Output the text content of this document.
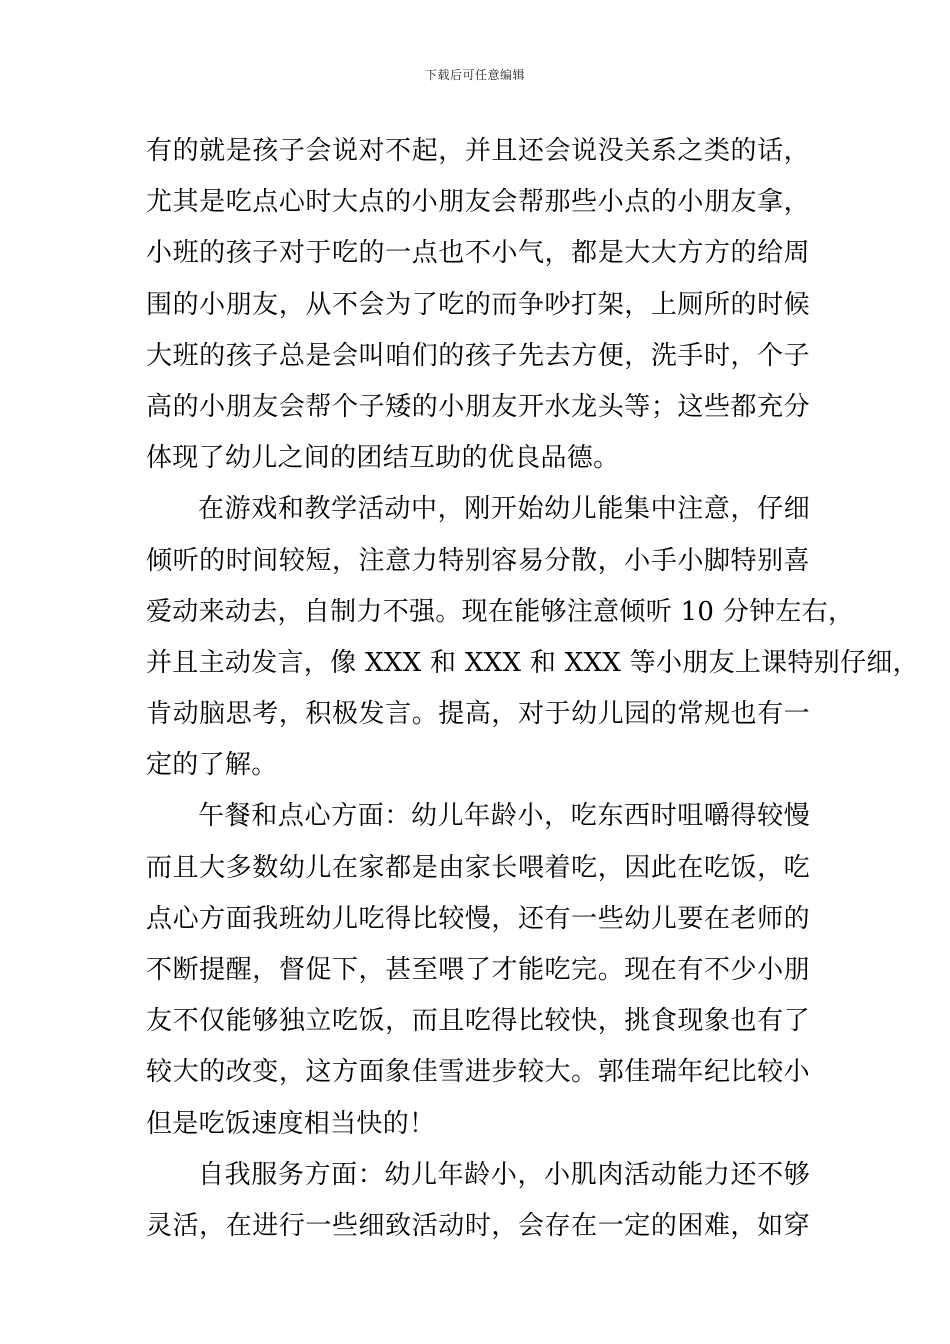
下载后可任意编辑
有的就是孩子会说对不起，并且还会说没关系之类的话，
尤其是吃点心时大点的小朋友会帮那些小点的小朋友拿，
小班的孩子对于吃的一点也不小气，都是大大方方的给周
围的小朋友，从不会为了吃的而争吵打架，上厕所的时候
大班的孩子总是会叫咱们的孩子先去方便，洗手时，个子
高的小朋友会帮个子矮的小朋友开水龙头等；这些都充分
体现了幼儿之间的团结互助的优良品德。
在游戏和教学活动中，刚开始幼儿能集中注意，仔细
倾听的时间较短，注意力特别容易分散，小手小脚特别喜
爱动来动去，自制力不强。现在能够注意倾听 10 分钟左右，
并且主动发言，像 XXX 和 XXX 和 XXX 等小朋友上课特别仔细，
肯动脑思考，积极发言。提高，对于幼儿园的常规也有一
定的了解。
午餐和点心方面：幼儿年龄小，吃东西时咀嚼得较慢
而且大多数幼儿在家都是由家长喂着吃，因此在吃饭，吃
点心方面我班幼儿吃得比较慢，还有一些幼儿要在老师的
不断提醒，督促下，甚至喂了才能吃完。现在有不少小朋
友不仅能够独立吃饭，而且吃得比较快，挑食现象也有了
较大的改变，这方面象佳雪进步较大。郭佳瑞年纪比较小
但是吃饭速度相当快的！
自我服务方面：幼儿年龄小，小肌肉活动能力还不够
灵活，在进行一些细致活动时，会存在一定的困难，如穿
